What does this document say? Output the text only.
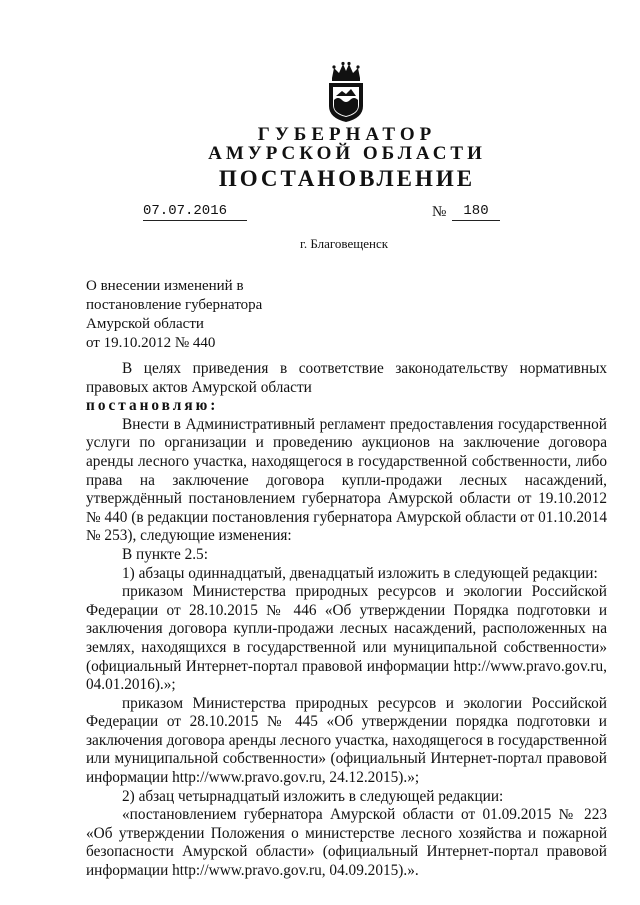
ГУБЕРНАТОР
АМУРСКОЙ ОБЛАСТИ
ПОСТАНОВЛЕНИЕ
07.07.2016	№	180
г. Благовещенск
О внесении изменений в
постановление губернатора
Амурской области
от 19.10.2012 № 440

В целях приведения в соответствие законодательству нормативных правовых актов Амурской области

постановляю:

Внести в Административный регламент предоставления государственной услуги по организации и проведению аукционов на заключение договора аренды лесного участка, находящегося в государственной собственности, либо права на заключение договора купли-продажи лесных насаждений, утверждённый постановлением губернатора Амурской области от 19.10.2012 № 440 (в редакции постановления губернатора Амурской области от 01.10.2014 № 253), следующие изменения:

В пункте 2.5:

1) абзацы одиннадцатый, двенадцатый изложить в следующей редакции:

приказом Министерства природных ресурсов и экологии Российской Федерации от 28.10.2015 № 446 «Об утверждении Порядка подготовки и заключения договора купли-продажи лесных насаждений, расположенных на землях, находящихся в государственной или муниципальной собственности» (официальный Интернет-портал правовой информации http://www.pravo.gov.ru, 04.01.2016).»;

приказом Министерства природных ресурсов и экологии Российской Федерации от 28.10.2015 № 445 «Об утверждении порядка подготовки и заключения договора аренды лесного участка, находящегося в государственной или муниципальной собственности» (официальный Интернет-портал правовой информации http://www.pravo.gov.ru, 24.12.2015).»;

2) абзац четырнадцатый изложить в следующей редакции:

«постановлением губернатора Амурской области от 01.09.2015 № 223 «Об утверждении Положения о министерстве лесного хозяйства и пожарной безопасности Амурской области» (официальный Интернет-портал правовой информации http://www.pravo.gov.ru, 04.09.2015).».
